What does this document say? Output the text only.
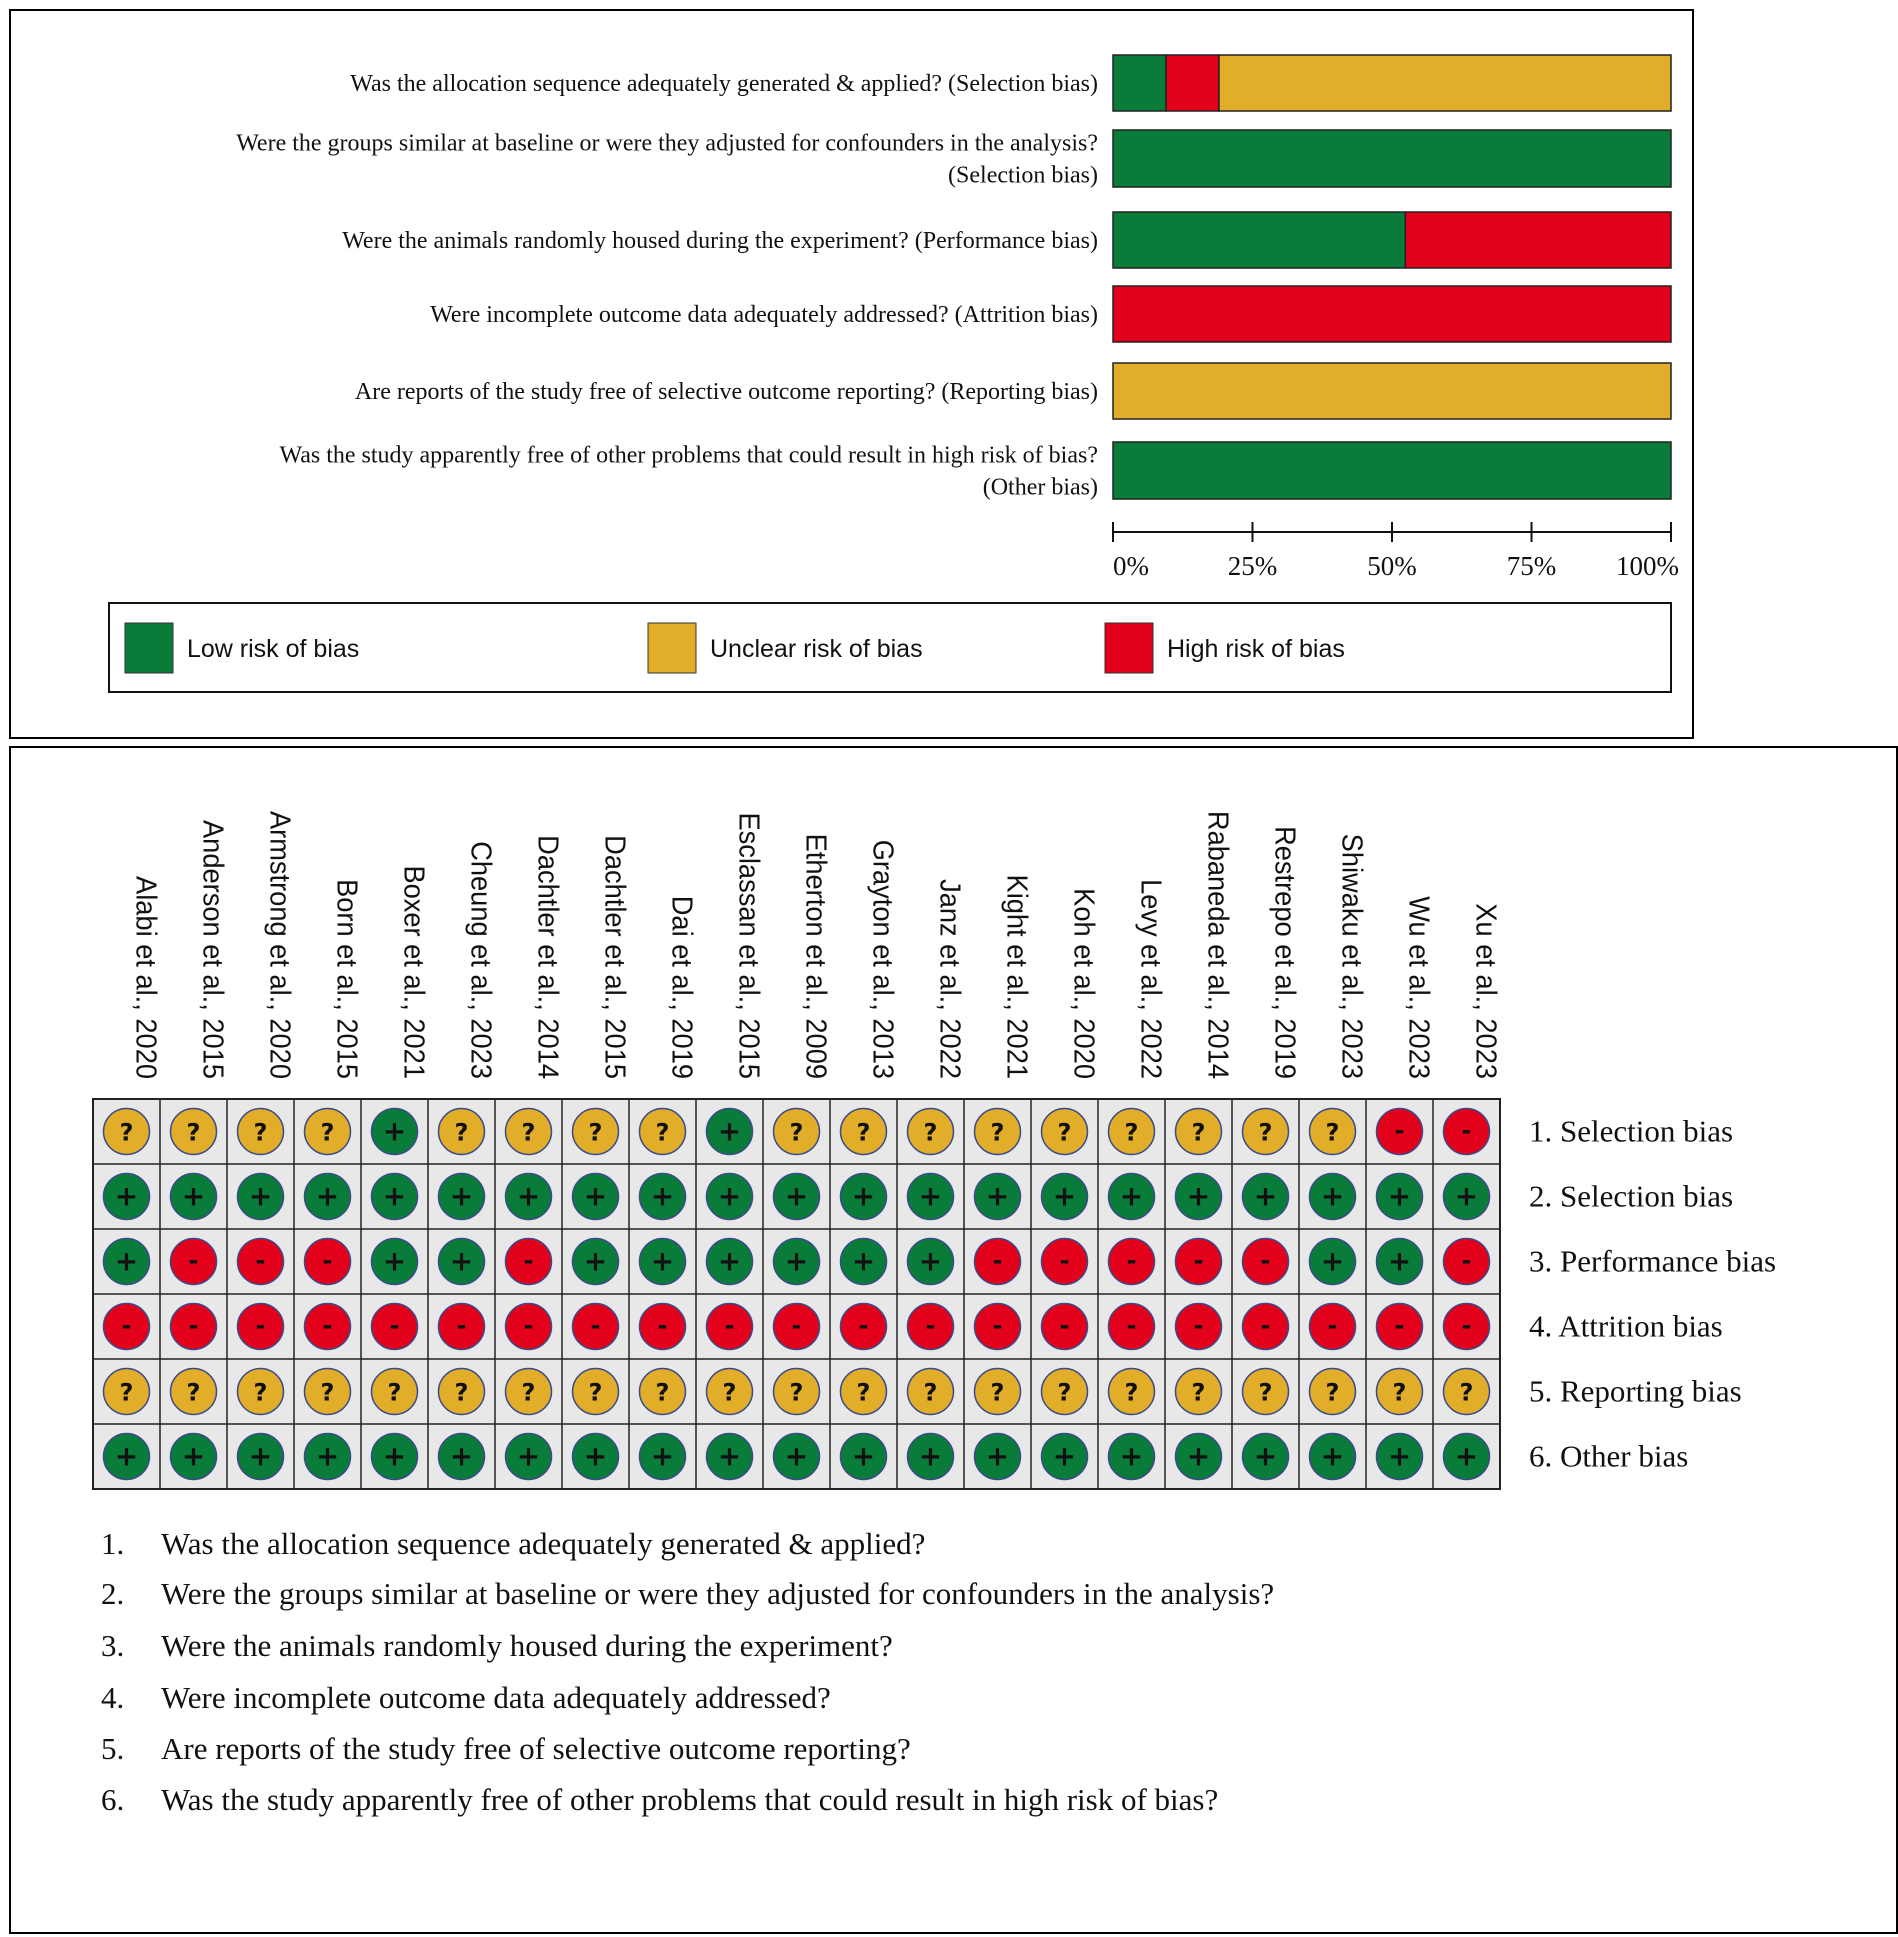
Was the allocation sequence adequately generated & applied? (Selection bias)
Were the groups similar at baseline or were they adjusted for confounders in the analysis?
(Selection bias)
Were the animals randomly housed during the experiment? (Performance bias)
Were incomplete outcome data adequately addressed? (Attrition bias)
Are reports of the study free of selective outcome reporting? (Reporting bias)
Was the study apparently free of other problems that could result in high risk of bias?
(Other bias)
0%	25%	50%	75% 100%
Low risk of bias	Unclear risk of bias	High risk of bias
Alabi et al., 2020 Anderson et al., 2015 Armstrong et al., 2020 Born et al., 2015 Boxer et al., 2021 Cheung et al., 2023 Dachtler et al., 2014 Dachtler et al., 2015 Dai et al., 2019 Esclassan et al., 2015 Etherton et al., 2009 Grayton et al., 2013 Janz et al., 2022 Kight et al., 2021 Koh et al., 2020 Levy et al., 2022 Rabaneda et al., 2014 Restrepo et al., 2019 Shiwaku et al., 2023 Wu et al., 2023 Xu et al., 2023
1. Selection bias
2. Selection bias
3. Performance bias
4. Attrition bias
5. Reporting bias
6. Other bias
? ? ? ? + ? ? ? ? + ? ? ? ? ? ? ? ? ? - -
+ + + + + + + + + + + + + + + + + + + + +
+ - - - + + - + + + + + + - - - - - + + -
- - - - - - - - - - - - - - - - - - - - -
? ? ? ? ? ? ? ? ? ? ? ? ? ? ? ? ? ? ? ? ?
+ + + + + + + + + + + + + + + + + + + + +
1. Was the allocation sequence adequately generated & applied?
2. Were the groups similar at baseline or were they adjusted for confounders in the analysis?
3. Were the animals randomly housed during the experiment?
4. Were incomplete outcome data adequately addressed?
5. Are reports of the study free of selective outcome reporting?
6. Was the study apparently free of other problems that could result in high risk of bias?
